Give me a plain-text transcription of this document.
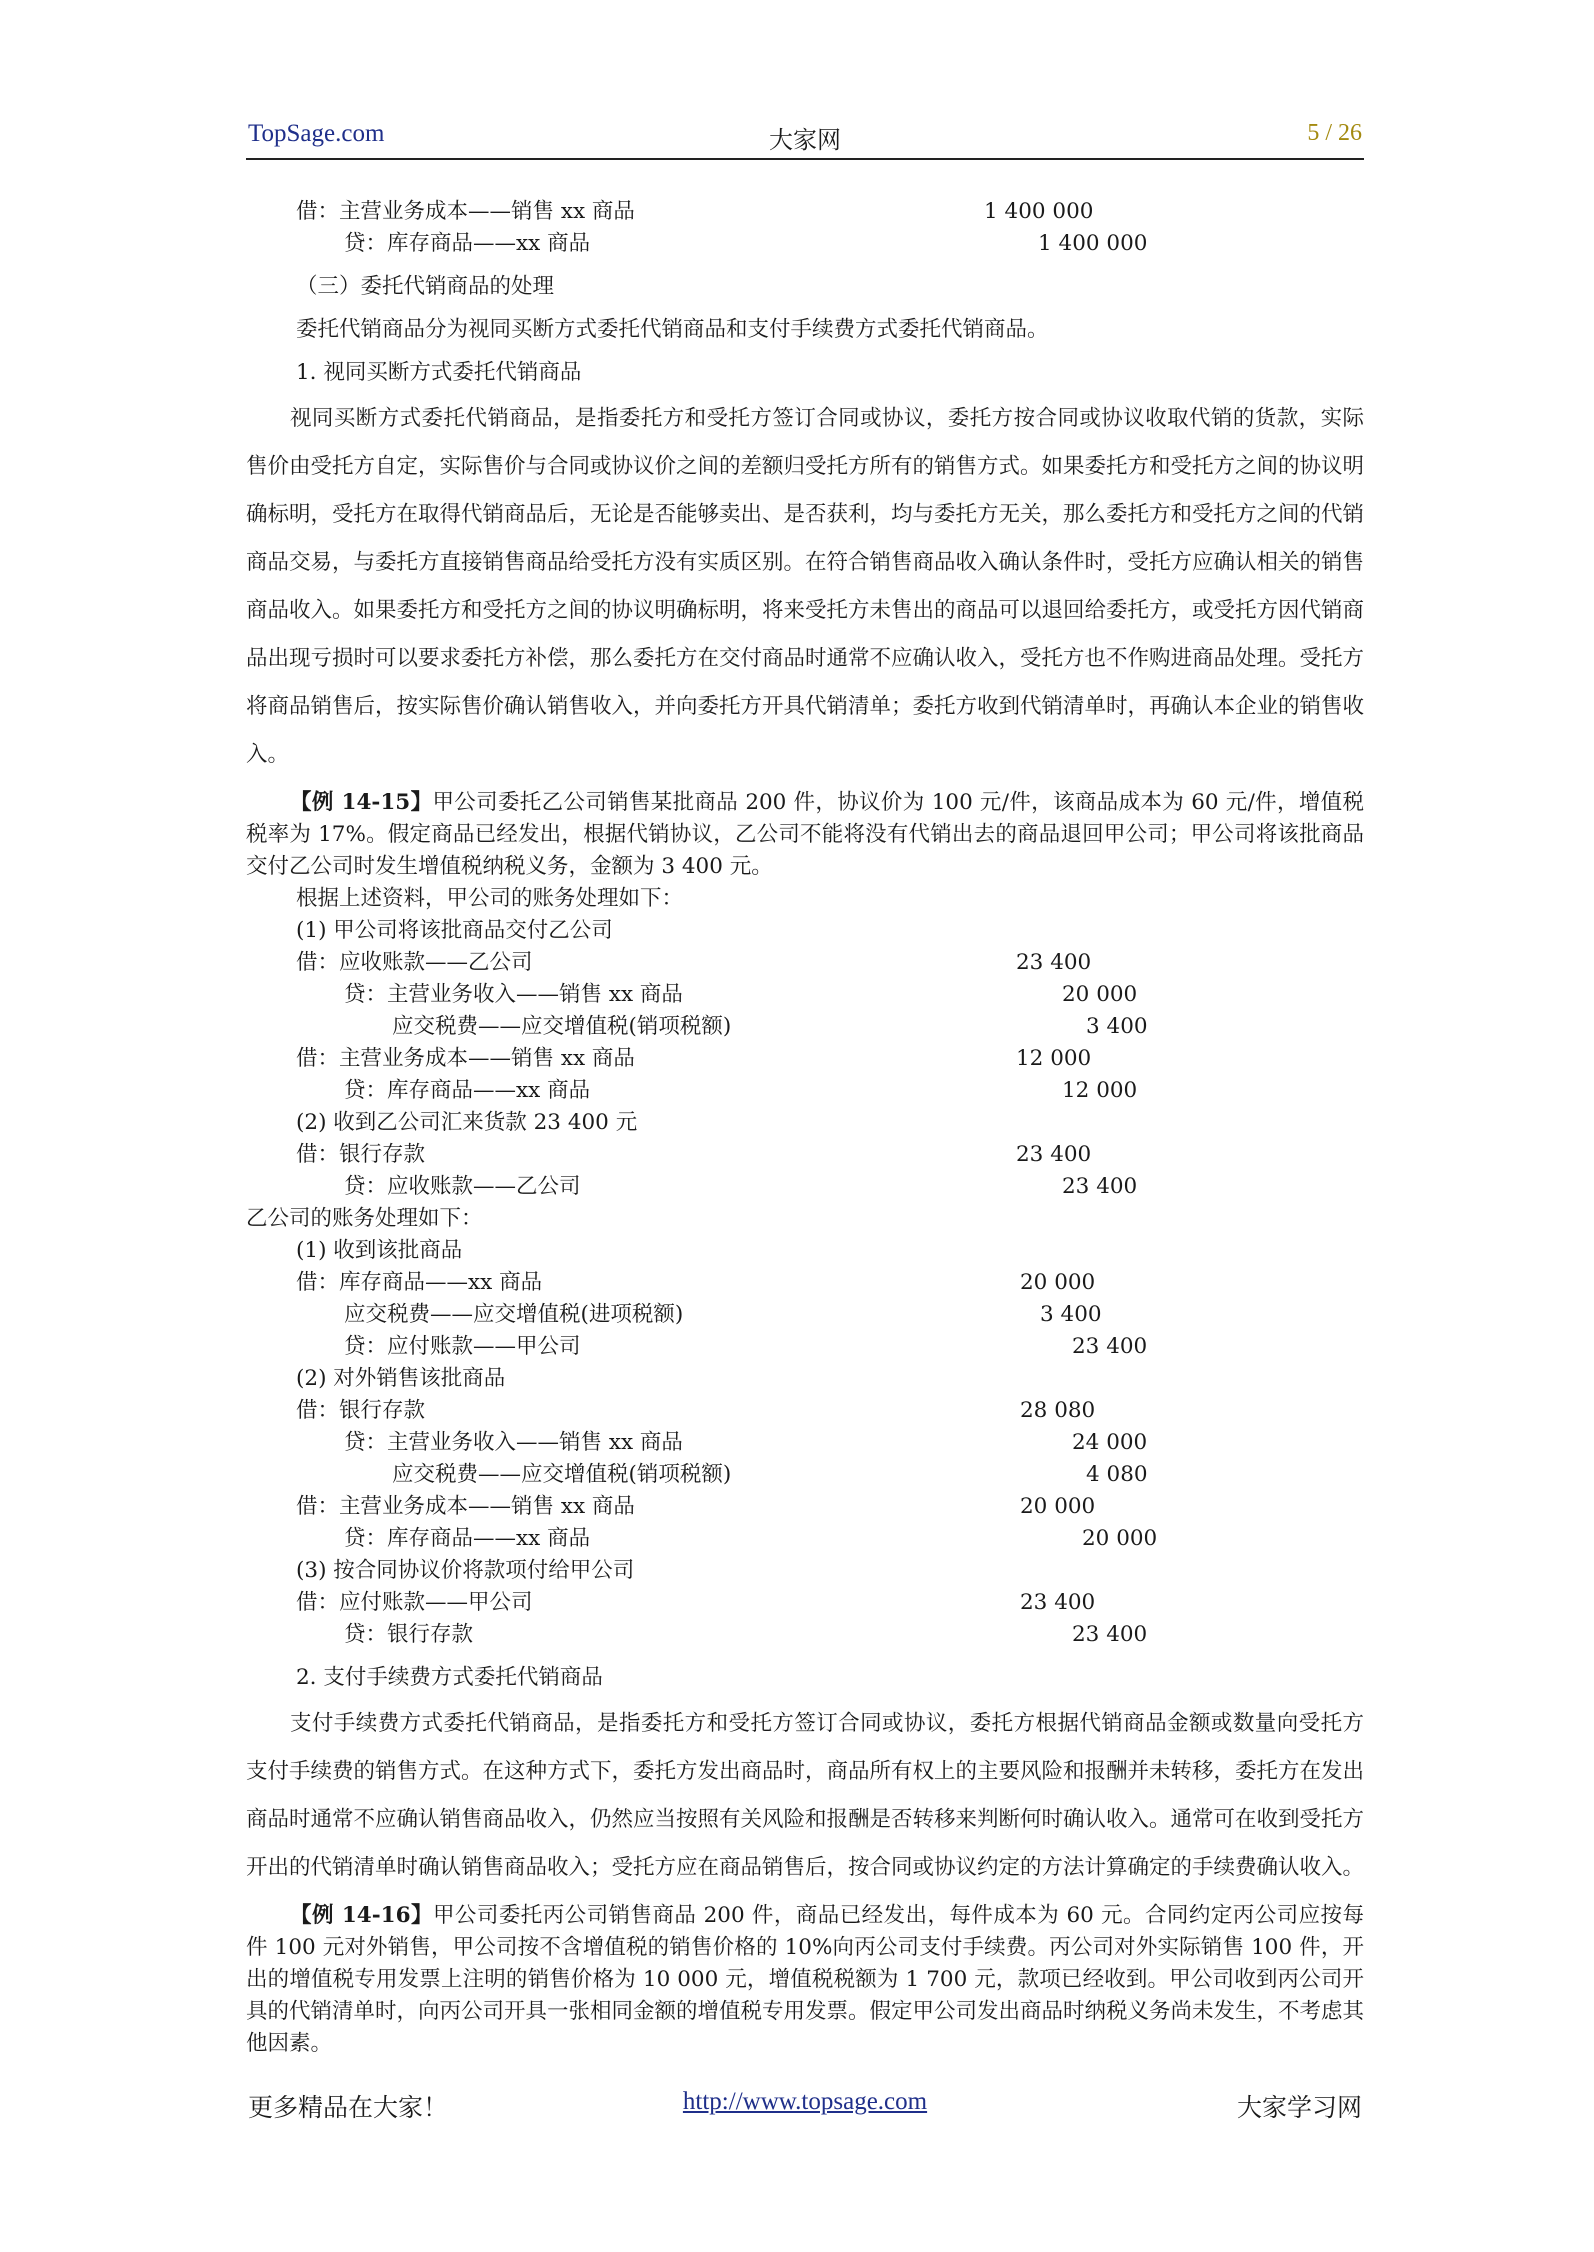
TopSage.com	大家网	5 / 26
借：主营业务成本——销售 xx 商品	1 400 000
贷：库存商品——xx 商品	1 400 000
（三）委托代销商品的处理
委托代销商品分为视同买断方式委托代销商品和支付手续费方式委托代销商品。
1. 视同买断方式委托代销商品

视同买断方式委托代销商品，是指委托方和受托方签订合同或协议，委托方按合同或协议收取代销的货款，实际售价由受托方自定，实际售价与合同或协议价之间的差额归受托方所有的销售方式。如果委托方和受托方之间的协议明确标明，受托方在取得代销商品后，无论是否能够卖出、是否获利，均与委托方无关，那么委托方和受托方之间的代销商品交易，与委托方直接销售商品给受托方没有实质区别。在符合销售商品收入确认条件时，受托方应确认相关的销售商品收入。如果委托方和受托方之间的协议明确标明，将来受托方未售出的商品可以退回给委托方，或受托方因代销商品出现亏损时可以要求委托方补偿，那么委托方在交付商品时通常不应确认收入，受托方也不作购进商品处理。受托方将商品销售后，按实际售价确认销售收入，并向委托方开具代销清单；委托方收到代销清单时，再确认本企业的销售收入。

【例 14-15】甲公司委托乙公司销售某批商品 200 件，协议价为 100 元/件，该商品成本为 60 元/件，增值税税率为 17%。假定商品已经发出，根据代销协议，乙公司不能将没有代销出去的商品退回甲公司；甲公司将该批商品交付乙公司时发生增值税纳税义务，金额为 3 400 元。

根据上述资料，甲公司的账务处理如下：
(1) 甲公司将该批商品交付乙公司
借：应收账款——乙公司	23 400
贷：主营业务收入——销售 xx 商品	20 000
应交税费——应交增值税(销项税额)	3 400
借：主营业务成本——销售 xx 商品	12 000
贷：库存商品——xx 商品	12 000
(2) 收到乙公司汇来货款 23 400 元
借：银行存款	23 400
贷：应收账款——乙公司	23 400
乙公司的账务处理如下：
(1) 收到该批商品
借：库存商品——xx 商品	20 000
应交税费——应交增值税(进项税额)	3 400
贷：应付账款——甲公司	23 400
(2) 对外销售该批商品
借：银行存款	28 080
贷：主营业务收入——销售 xx 商品	24 000
应交税费——应交增值税(销项税额)	4 080
借：主营业务成本——销售 xx 商品	20 000
贷：库存商品——xx 商品	20 000
(3) 按合同协议价将款项付给甲公司
借：应付账款——甲公司	23 400
贷：银行存款	23 400
2. 支付手续费方式委托代销商品

支付手续费方式委托代销商品，是指委托方和受托方签订合同或协议，委托方根据代销商品金额或数量向受托方支付手续费的销售方式。在这种方式下，委托方发出商品时，商品所有权上的主要风险和报酬并未转移，委托方在发出商品时通常不应确认销售商品收入，仍然应当按照有关风险和报酬是否转移来判断何时确认收入。通常可在收到受托方开出的代销清单时确认销售商品收入；受托方应在商品销售后，按合同或协议约定的方法计算确定的手续费确认收入。

【例 14-16】甲公司委托丙公司销售商品 200 件，商品已经发出，每件成本为 60 元。合同约定丙公司应按每件 100 元对外销售，甲公司按不含增值税的销售价格的 10%向丙公司支付手续费。丙公司对外实际销售 100 件，开出的增值税专用发票上注明的销售价格为 10 000 元，增值税税额为 1 700 元，款项已经收到。甲公司收到丙公司开具的代销清单时，向丙公司开具一张相同金额的增值税专用发票。假定甲公司发出商品时纳税义务尚未发生，不考虑其他因素。

更多精品在大家！	http://www.topsage.com	大家学习网
